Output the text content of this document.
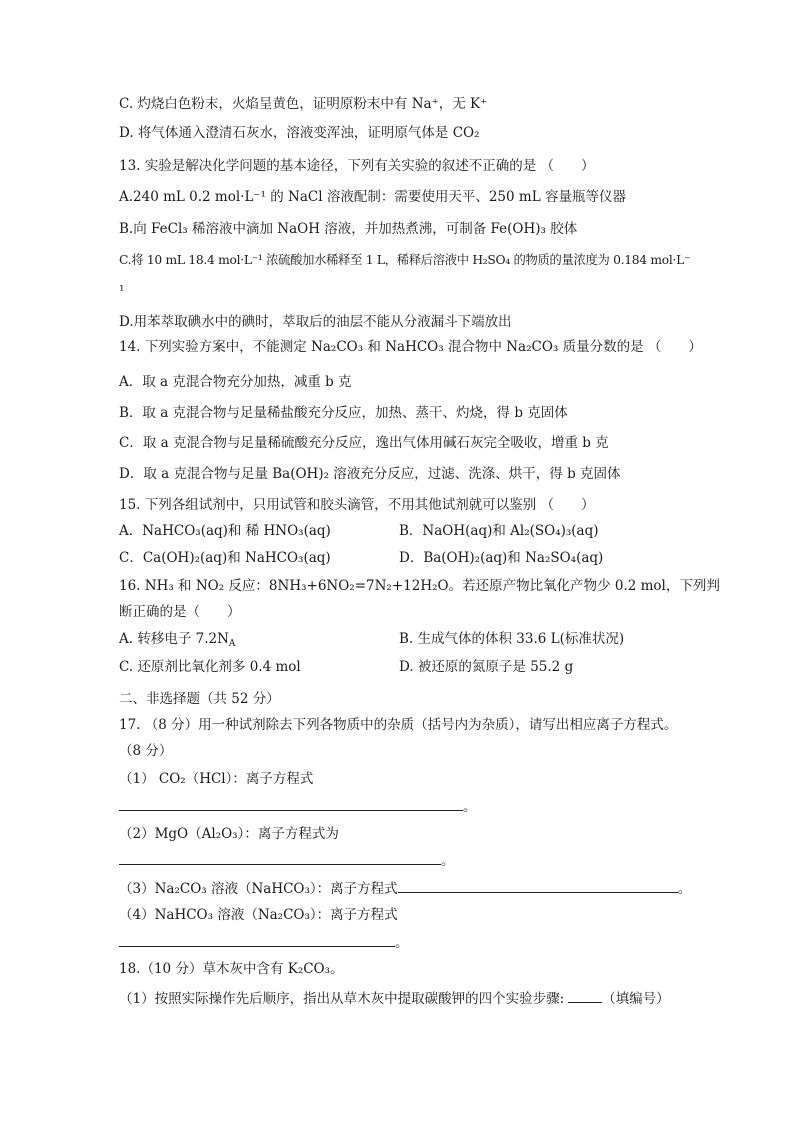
C. 灼烧白色粉末，火焰呈黄色，证明原粉末中有 Na⁺，无 K⁺
D. 将气体通入澄清石灰水，溶液变浑浊，证明原气体是 CO₂
13. 实验是解决化学问题的基本途径，下列有关实验的叙述不正确的是 （　　）
A.240 mL 0.2 mol·L⁻¹ 的 NaCl 溶液配制：需要使用天平、250 mL 容量瓶等仪器
B.向 FeCl₃ 稀溶液中滴加 NaOH 溶液，并加热煮沸，可制备 Fe(OH)₃ 胶体
C.将 10 mL 18.4 mol·L⁻¹ 浓硫酸加水稀释至 1 L，稀释后溶液中 H₂SO₄ 的物质的量浓度为 0.184 mol·L⁻
¹
D.用苯萃取碘水中的碘时，萃取后的油层不能从分液漏斗下端放出
14. 下列实验方案中，不能测定 Na₂CO₃ 和 NaHCO₃ 混合物中 Na₂CO₃ 质量分数的是 （　　）
A．取 a 克混合物充分加热，减重 b 克
B．取 a 克混合物与足量稀盐酸充分反应，加热、蒸干、灼烧，得 b 克固体
C．取 a 克混合物与足量稀硫酸充分反应，逸出气体用碱石灰完全吸收，增重 b 克
D．取 a 克混合物与足量 Ba(OH)₂ 溶液充分反应，过滤、洗涤、烘干，得 b 克固体
15. 下列各组试剂中，只用试管和胶头滴管，不用其他试剂就可以鉴别 （　　）
A．NaHCO₃(aq)和 稀 HNO₃(aq)	B．NaOH(aq)和 Al₂(SO₄)₃(aq)
C．Ca(OH)₂(aq)和 NaHCO₃(aq)	D．Ba(OH)₂(aq)和 Na₂SO₄(aq)
16. NH₃ 和 NO₂ 反应：8NH₃+6NO₂=7N₂+12H₂O。若还原产物比氧化产物少 0.2 mol，下列判
断正确的是（　　）
A. 转移电子 $7.2N_A$	B. 生成气体的体积 33.6 L(标准状况)
C. 还原剂比氧化剂多 0.4 mol	D. 被还原的氮原子是 55.2 g
二、非选择题（共 52 分）
17. （8 分）用一种试剂除去下列各物质中的杂质（括号内为杂质），请写出相应离子方程式。
（8 分）
（1） CO₂（HCl）：离子方程式
。
（2）MgO（Al₂O₃）：离子方程式为
。
（3）Na₂CO₃ 溶液（NaHCO₃）：离子方程式	。
（4）NaHCO₃ 溶液（Na₂CO₃）：离子方程式
。
18.（10 分）草木灰中含有 K₂CO₃。
（1）按照实际操作先后顺序，指出从草木灰中提取碳酸钾的四个实验步骤:	（填编号）
